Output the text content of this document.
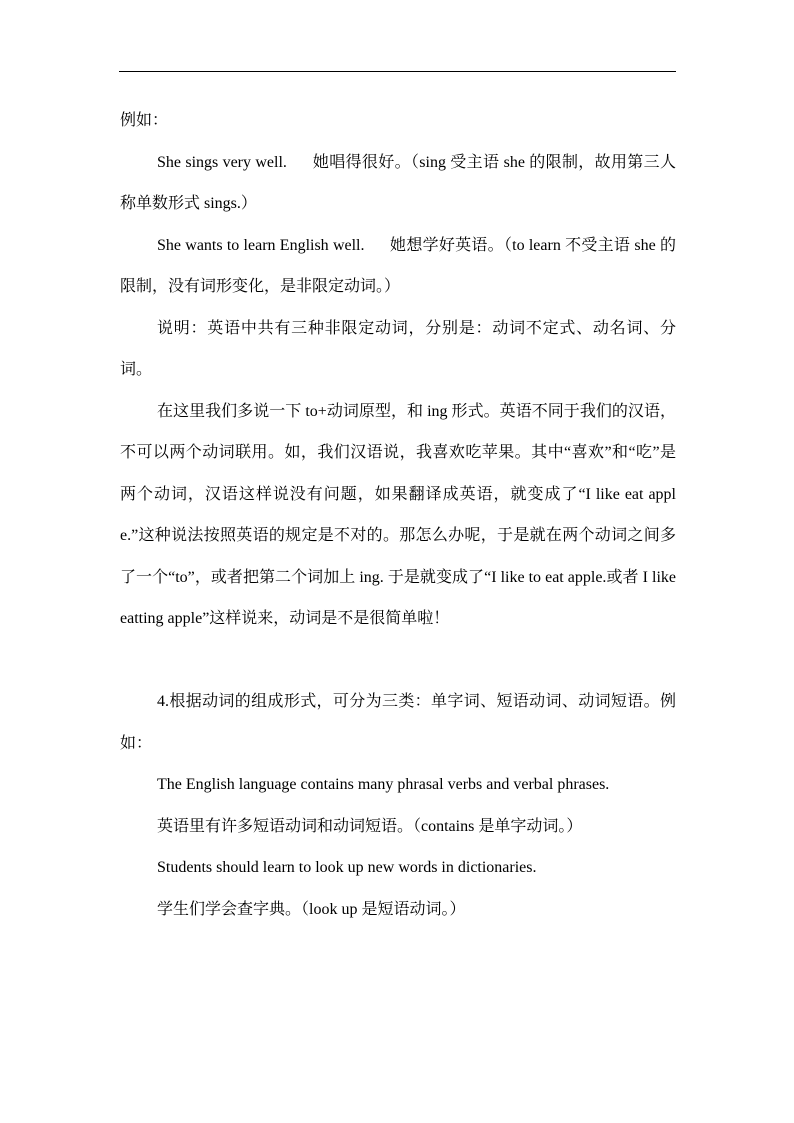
例如：

She sings very well.      她唱得很好。（sing 受主语 she 的限制，故用第三人称单数形式 sings.）

She wants to learn English well.      她想学好英语。（to learn 不受主语 she 的限制，没有词形变化，是非限定动词。）

说明：英语中共有三种非限定动词，分别是：动词不定式、动名词、分词。

在这里我们多说一下 to+动词原型，和 ing 形式。英语不同于我们的汉语，不可以两个动词联用。如，我们汉语说，我喜欢吃苹果。其中“喜欢”和“吃”是两个动词，汉语这样说没有问题，如果翻译成英语，就变成了“I like eat apple.”这种说法按照英语的规定是不对的。那怎么办呢，于是就在两个动词之间多了一个“to”，或者把第二个词加上 ing. 于是就变成了“I like to eat apple.或者 I like eatting apple”这样说来，动词是不是很简单啦！

4.根据动词的组成形式，可分为三类：单字词、短语动词、动词短语。例如：

The English language contains many phrasal verbs and verbal phrases.

英语里有许多短语动词和动词短语。（contains 是单字动词。）

Students should learn to look up new words in dictionaries.

学生们学会查字典。（look up 是短语动词。）
